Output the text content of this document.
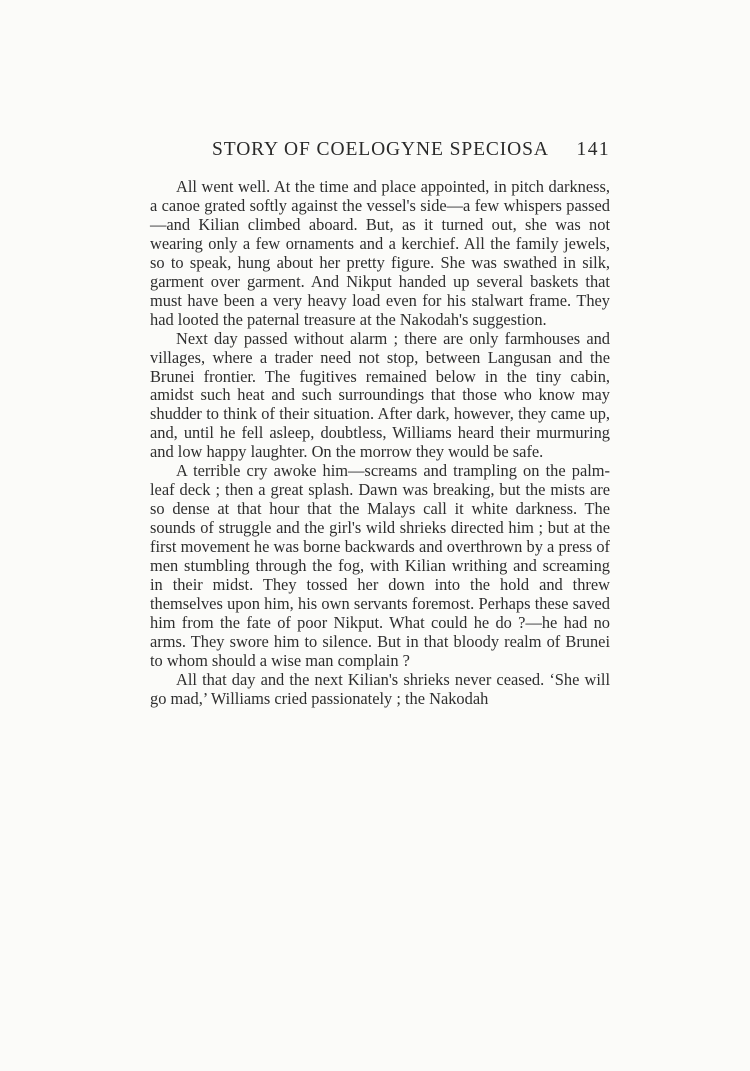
STORY OF COELOGYNE SPECIOSA 141

All went well. At the time and place appointed, in pitch darkness, a canoe grated softly against the vessel's side—a few whispers passed—and Kilian climbed aboard. But, as it turned out, she was not wearing only a few ornaments and a kerchief. All the family jewels, so to speak, hung about her pretty figure. She was swathed in silk, garment over garment. And Nikput handed up several baskets that must have been a very heavy load even for his stalwart frame. They had looted the paternal treasure at the Nakodah's suggestion.

Next day passed without alarm ; there are only farmhouses and villages, where a trader need not stop, between Langusan and the Brunei frontier. The fugitives remained below in the tiny cabin, amidst such heat and such surroundings that those who know may shudder to think of their situation. After dark, however, they came up, and, until he fell asleep, doubtless, Williams heard their murmuring and low happy laughter. On the morrow they would be safe.

A terrible cry awoke him—screams and trampling on the palm-leaf deck ; then a great splash. Dawn was breaking, but the mists are so dense at that hour that the Malays call it white darkness. The sounds of struggle and the girl's wild shrieks directed him ; but at the first movement he was borne backwards and overthrown by a press of men stumbling through the fog, with Kilian writhing and screaming in their midst. They tossed her down into the hold and threw themselves upon him, his own servants foremost. Perhaps these saved him from the fate of poor Nikput. What could he do ?—he had no arms. They swore him to silence. But in that bloody realm of Brunei to whom should a wise man complain ?

All that day and the next Kilian's shrieks never ceased. ‘She will go mad,’ Williams cried passionately ; the Nakodah
